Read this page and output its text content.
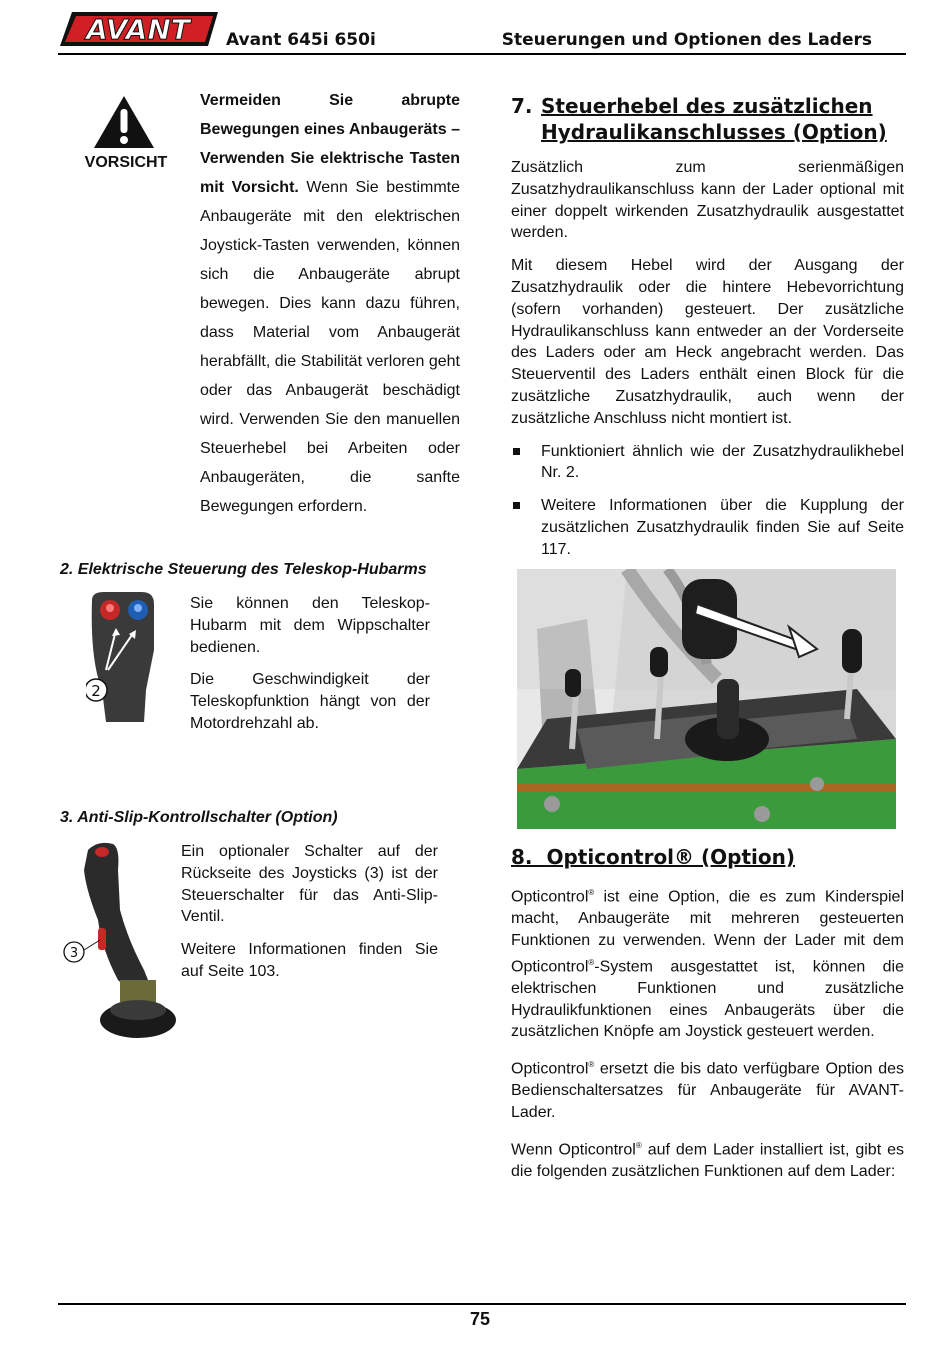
AVANT Avant 645i 650i	Steuerungen und Optionen des Laders
VORSICHT
Vermeiden Sie abrupte Bewegungen eines Anbaugeräts – Verwenden Sie elektrische Tasten mit Vorsicht. Wenn Sie bestimmte Anbaugeräte mit den elektrischen Joystick-Tasten verwenden, können sich die Anbaugeräte abrupt bewegen. Dies kann dazu führen, dass Material vom Anbaugerät herabfällt, die Stabilität verloren geht oder das Anbaugerät beschädigt wird. Verwenden Sie den manuellen Steuerhebel bei Arbeiten oder Anbaugeräten, die sanfte Bewegungen erfordern.
2. Elektrische Steuerung des Teleskop-Hubarms
2

Sie können den Teleskop-Hubarm mit dem Wippschalter bedienen.

Die Geschwindigkeit der Teleskopfunktion hängt von der Motordrehzahl ab.

3. Anti-Slip-Kontrollschalter (Option)
3

Ein optionaler Schalter auf der Rückseite des Joysticks (3) ist der Steuerschalter für das Anti-Slip-Ventil.

Weitere Informationen finden Sie auf Seite 103.

7. Steuerhebel des zusätzlichen
Hydraulikanschlusses (Option)

Zusätzlich zum serienmäßigen Zusatzhydraulikanschluss kann der Lader optional mit einer doppelt wirkenden Zusatzhydraulik ausgestattet werden.

Mit diesem Hebel wird der Ausgang der Zusatzhydraulik oder die hintere Hebevorrichtung (sofern vorhanden) gesteuert. Der zusätzliche Hydraulikanschluss kann entweder an der Vorderseite des Laders oder am Heck angebracht werden. Das Steuerventil des Laders enthält einen Block für die zusätzliche Zusatzhydraulik, auch wenn der zusätzliche Anschluss nicht montiert ist.

Funktioniert ähnlich wie der Zusatzhydraulikhebel Nr. 2.
Weitere Informationen über die Kupplung der zusätzlichen Zusatzhydraulik finden Sie auf Seite 117.
8. Opticontrol® (Option)

Opticontrol® ist eine Option, die es zum Kinderspiel macht, Anbaugeräte mit mehreren gesteuerten Funktionen zu verwenden. Wenn der Lader mit dem Opticontrol®-System ausgestattet ist, können die elektrischen Funktionen und zusätzliche Hydraulikfunktionen eines Anbaugeräts über die zusätzlichen Knöpfe am Joystick gesteuert werden.

Opticontrol® ersetzt die bis dato verfügbare Option des Bedienschaltersatzes für Anbaugeräte für AVANT-Lader.

Wenn Opticontrol® auf dem Lader installiert ist, gibt es die folgenden zusätzlichen Funktionen auf dem Lader:

75
